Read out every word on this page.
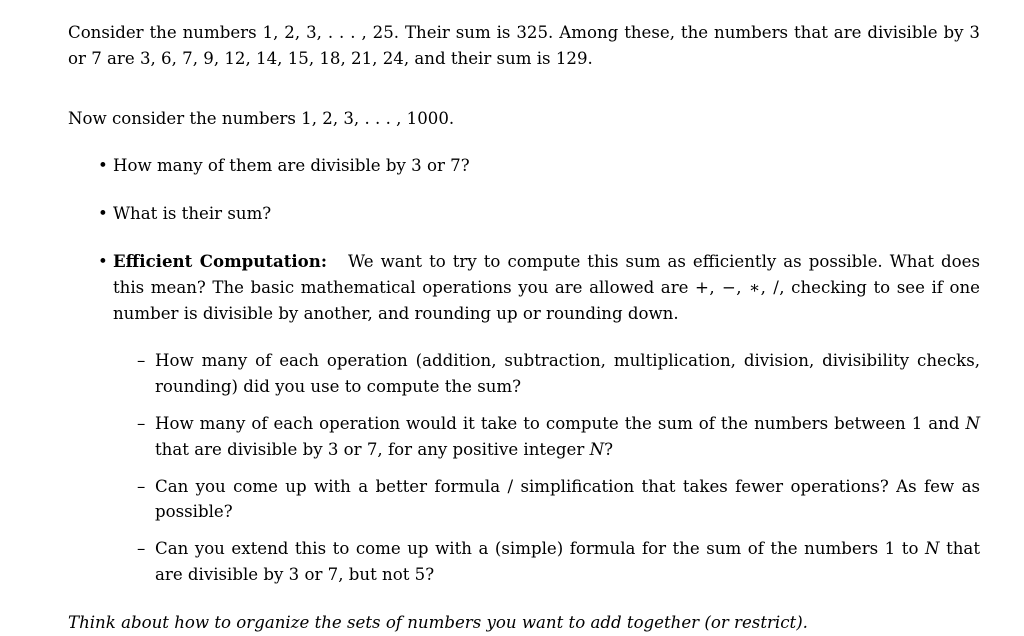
Consider the numbers 1, 2, 3, . . . , 25. Their sum is 325. Among these, the numbers that are divisible by 3 or 7 are 3, 6, 7, 9, 12, 14, 15, 18, 21, 24, and their sum is 129.

Now consider the numbers 1, 2, 3, . . . , 1000.

• How many of them are divisible by 3 or 7?
• What is their sum?
• Efficient Computation: We want to try to compute this sum as efficiently as possible. What does this mean? The basic mathematical operations you are allowed are +, −, ∗, /, checking to see if one number is divisible by another, and rounding up or rounding down.
– How many of each operation (addition, subtraction, multiplication, division, divisibility checks, rounding) did you use to compute the sum?
– How many of each operation would it take to compute the sum of the numbers between 1 and N that are divisible by 3 or 7, for any positive integer N?
– Can you come up with a better formula / simplification that takes fewer operations? As few as possible?
– Can you extend this to come up with a (simple) formula for the sum of the numbers 1 to N that are divisible by 3 or 7, but not 5?

Think about how to organize the sets of numbers you want to add together (or restrict).
